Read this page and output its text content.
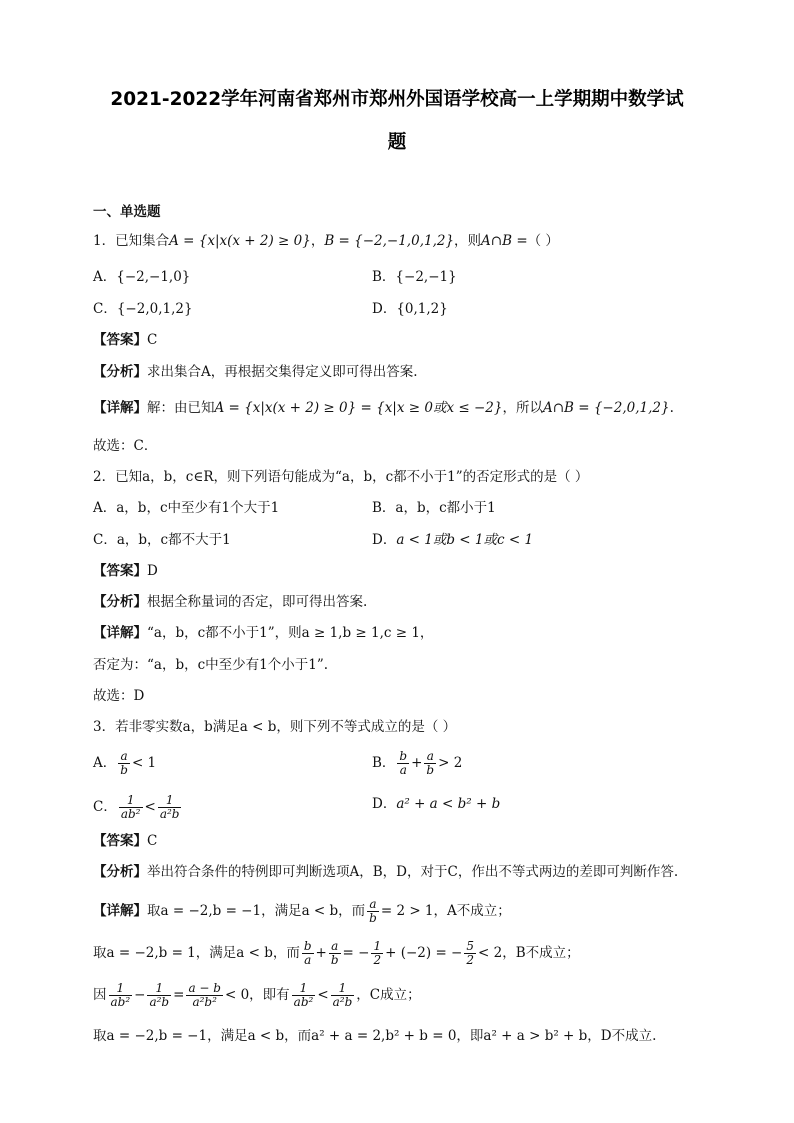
2021-2022学年河南省郑州市郑州外国语学校高一上学期期中数学试
题
一、单选题
1．已知集合A = {x|x(x + 2) ≥ 0}，B = {−2,−1,0,1,2}，则A∩B =（ ）
A．{−2,−1,0}	B．{−2,−1}
C．{−2,0,1,2}	D．{0,1,2}
【答案】C
【分析】求出集合A，再根据交集得定义即可得出答案.
【详解】解：由已知A = {x|x(x + 2) ≥ 0} = {x|x ≥ 0或x ≤ −2}，所以A∩B = {−2,0,1,2}.
故选：C．
2．已知a，b，c∈R，则下列语句能成为“a，b，c都不小于1”的否定形式的是（ ）
A．a，b，c中至少有1个大于1	B．a，b，c都小于1
C．a，b，c都不大于1	D．a < 1或b < 1或c < 1
【答案】D
【分析】根据全称量词的否定，即可得出答案.
【详解】“a，b，c都不小于1”，则a ≥ 1,b ≥ 1,c ≥ 1，
否定为：“a，b，c中至少有1个小于1”.
故选：D
3．若非零实数a，b满足a < b，则下列不等式成立的是（ ）
A． $\frac{a}{b} < 1$	B． $\frac{b}{a} + \frac{a}{b} > 2$
C． $\frac{1}{\text{ab²}} < \frac{1}{\text{a²b}}$	D．a² + a < b² + b
【答案】C
【分析】举出符合条件的特例即可判断选项A，B，D，对于C，作出不等式两边的差即可判断作答.
【详解】取a = −2,b = −1，满足a < b，而 $\frac{a}{b} = 2 > 1$，A不成立；
取a = −2,b = 1，满足a < b，而 $\frac{b}{a} + \frac{a}{b}$ = − $\frac{1}{2} + (-2)$ = − $\frac{5}{2} < 2$，B不成立；
因 $\frac{1}{\text{ab²}} - \frac{1}{\text{a²b}} = \frac{a - b}{\text{a²b²}} < 0$，即有 $\frac{1}{\text{ab²}} < \frac{1}{\text{a²b}}$ ，C成立；
取a = −2,b = −1，满足a < b，而a² + a = 2,b² + b = 0，即a² + a > b² + b，D不成立.
